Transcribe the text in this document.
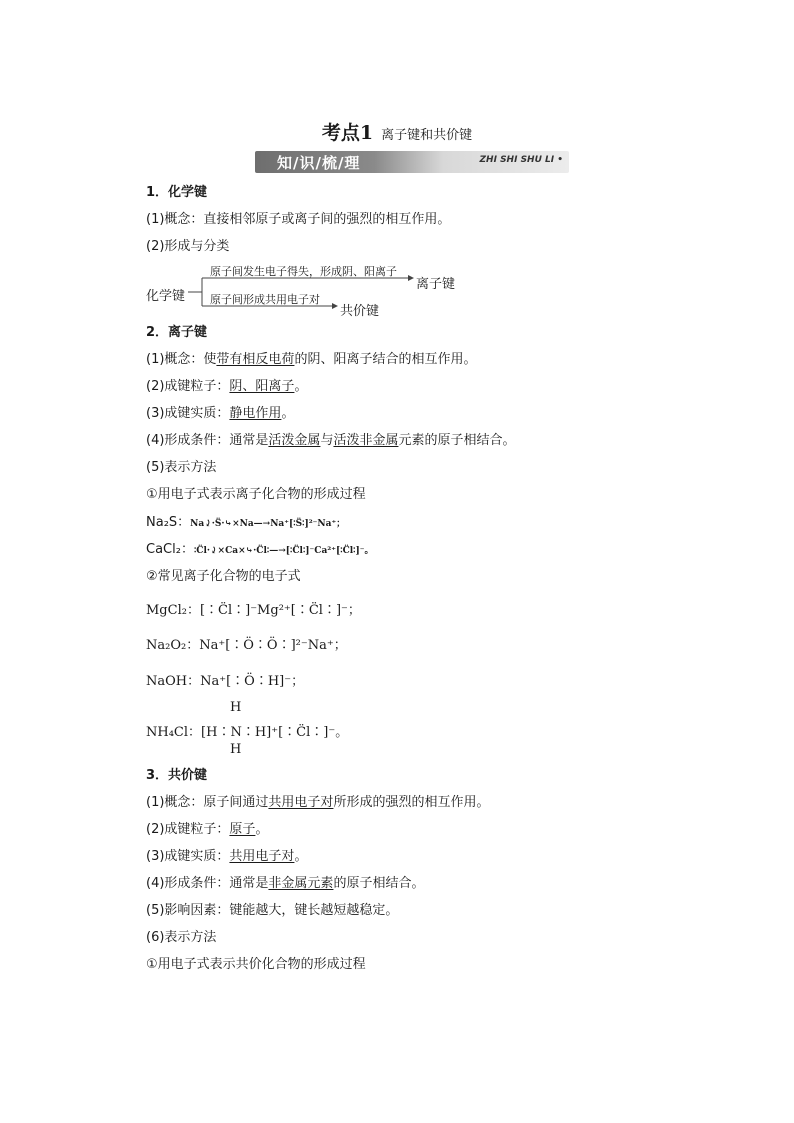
考点1 离子键和共价键
知/识/梳/理	ZHI SHI SHU LI •
1．化学键
(1)概念：直接相邻原子或离子间的强烈的相互作用。
(2)形成与分类
化学键
原子间发生电子得失，形成阴、阳离子
离子键
原子间形成共用电子对
共价键
2．离子键
(1)概念：使带有相反电荷的阴、阳离子结合的相互作用。
(2)成键粒子：阴、阳离子。
(3)成键实质：静电作用。
(4)形成条件：通常是活泼金属与活泼非金属元素的原子相结合。
(5)表示方法
①用电子式表示离子化合物的形成过程
Na₂S：Na⤸·S̈·⤷×Na—→Na⁺[∶S̈∶]²⁻Na⁺；
CaCl₂：∶C̈l·⤸×Ca×⤷·C̈l∶—→[∶C̈l∶]⁻Ca²⁺[∶C̈l∶]⁻。
②常见离子化合物的电子式
MgCl₂：[∶C̈l∶]⁻Mg²⁺[∶C̈l∶]⁻；
Na₂O₂：Na⁺[∶Ö∶Ö∶]²⁻Na⁺；
NaOH：Na⁺[∶Ö∶H]⁻；
H
NH₄Cl：[H∶N∶H]⁺[∶C̈l∶]⁻。
H
3．共价键
(1)概念：原子间通过共用电子对所形成的强烈的相互作用。
(2)成键粒子：原子。
(3)成键实质：共用电子对。
(4)形成条件：通常是非金属元素的原子相结合。
(5)影响因素：键能越大，键长越短越稳定。
(6)表示方法
①用电子式表示共价化合物的形成过程
